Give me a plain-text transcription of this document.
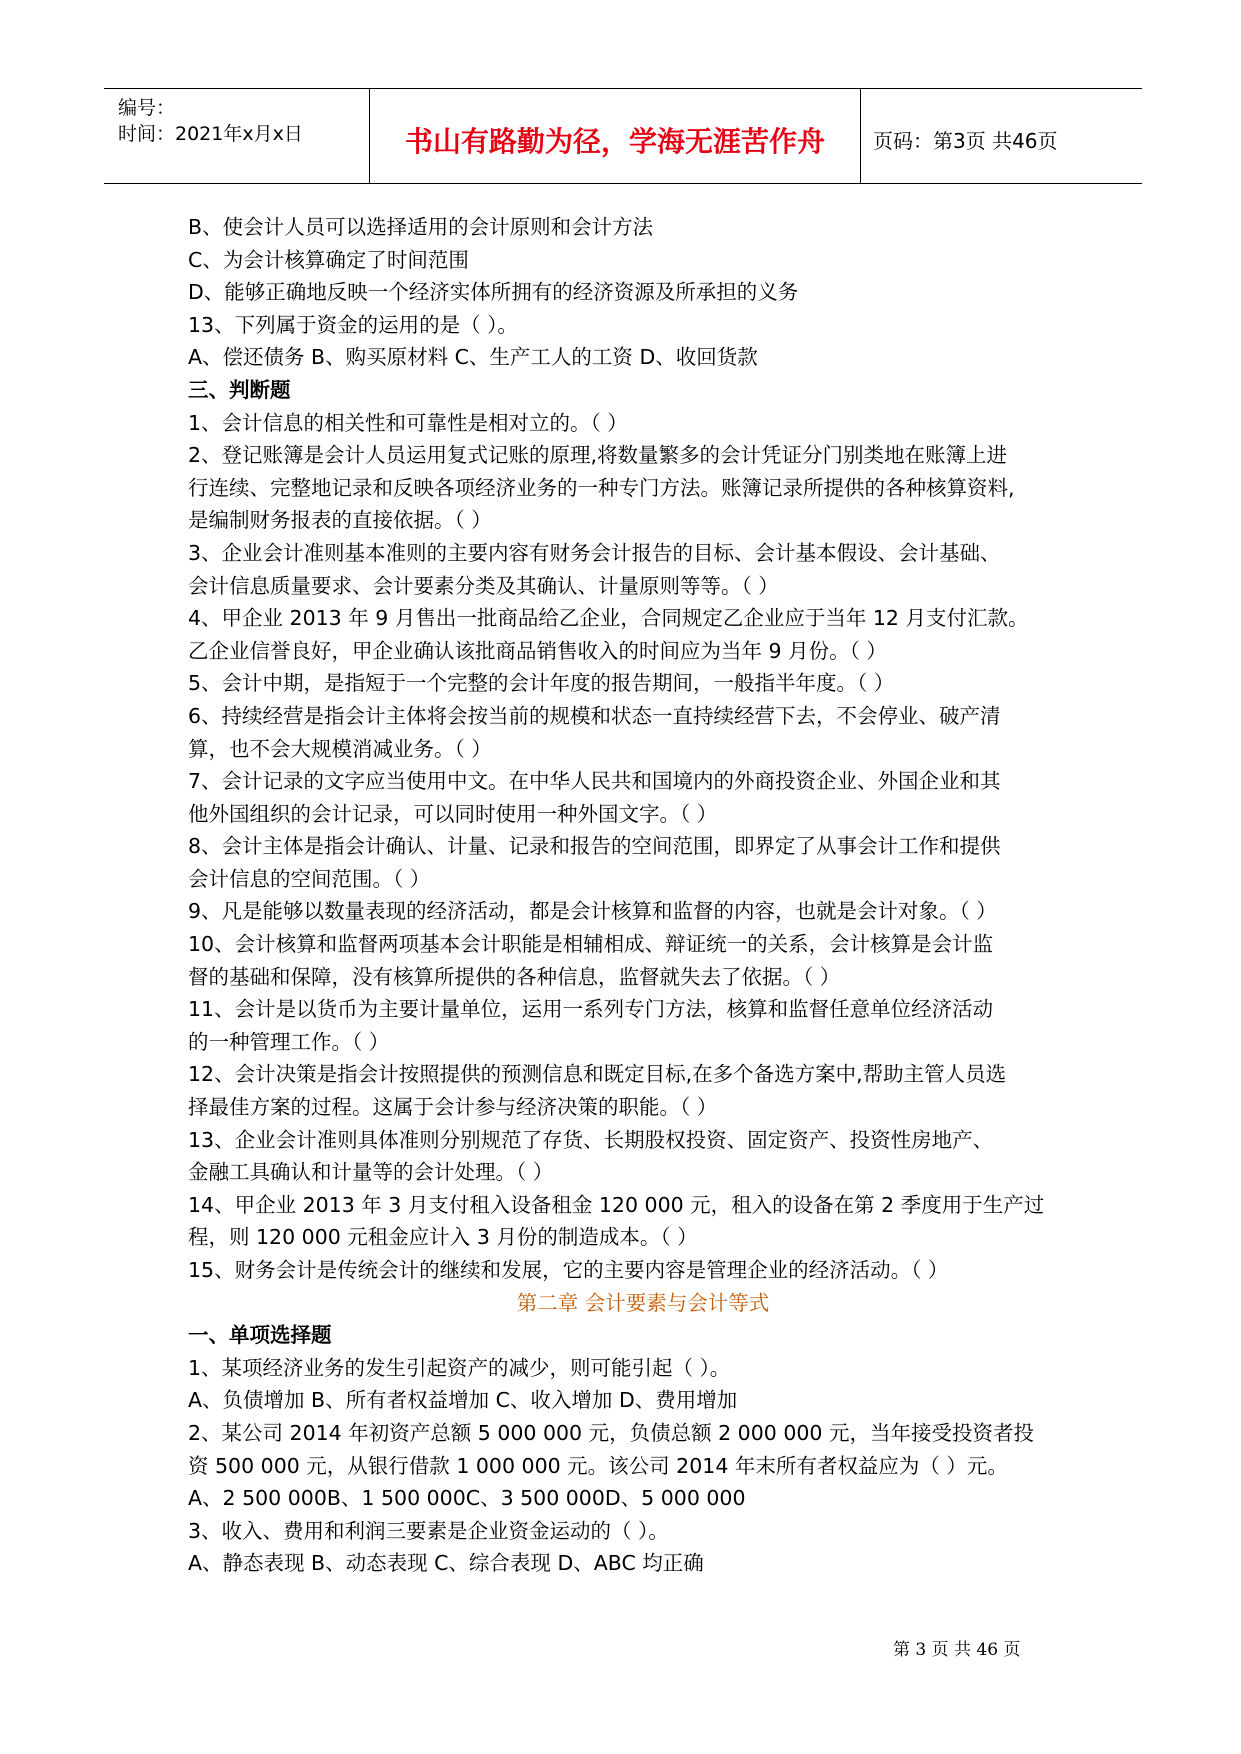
编号：
时间：2021年x月x日	书山有路勤为径，学海无涯苦作舟	页码：第3页 共46页
B、使会计人员可以选择适用的会计原则和会计方法
C、为会计核算确定了时间范围
D、能够正确地反映一个经济实体所拥有的经济资源及所承担的义务
13、下列属于资金的运用的是（ ）。
A、偿还债务 B、购买原材料 C、生产工人的工资 D、收回货款
三、判断题
1、会计信息的相关性和可靠性是相对立的。（ ）
2、登记账簿是会计人员运用复式记账的原理,将数量繁多的会计凭证分门别类地在账簿上进
行连续、完整地记录和反映各项经济业务的一种专门方法。账簿记录所提供的各种核算资料,
是编制财务报表的直接依据。（ ）
3、企业会计准则基本准则的主要内容有财务会计报告的目标、会计基本假设、会计基础、
会计信息质量要求、会计要素分类及其确认、计量原则等等。（ ）
4、甲企业 2013 年 9 月售出一批商品给乙企业，合同规定乙企业应于当年 12 月支付汇款。
乙企业信誉良好，甲企业确认该批商品销售收入的时间应为当年 9 月份。（ ）
5、会计中期，是指短于一个完整的会计年度的报告期间，一般指半年度。（ ）
6、持续经营是指会计主体将会按当前的规模和状态一直持续经营下去，不会停业、破产清
算，也不会大规模消减业务。（ ）
7、会计记录的文字应当使用中文。在中华人民共和国境内的外商投资企业、外国企业和其
他外国组织的会计记录，可以同时使用一种外国文字。（ ）
8、会计主体是指会计确认、计量、记录和报告的空间范围，即界定了从事会计工作和提供
会计信息的空间范围。（ ）
9、凡是能够以数量表现的经济活动，都是会计核算和监督的内容，也就是会计对象。（ ）
10、会计核算和监督两项基本会计职能是相辅相成、辩证统一的关系，会计核算是会计监
督的基础和保障，没有核算所提供的各种信息，监督就失去了依据。（ ）
11、会计是以货币为主要计量单位，运用一系列专门方法，核算和监督任意单位经济活动
的一种管理工作。（ ）
12、会计决策是指会计按照提供的预测信息和既定目标,在多个备选方案中,帮助主管人员选
择最佳方案的过程。这属于会计参与经济决策的职能。（ ）
13、企业会计准则具体准则分别规范了存货、长期股权投资、固定资产、投资性房地产、
金融工具确认和计量等的会计处理。（ ）
14、甲企业 2013 年 3 月支付租入设备租金 120 000 元，租入的设备在第 2 季度用于生产过
程，则 120 000 元租金应计入 3 月份的制造成本。（ ）
15、财务会计是传统会计的继续和发展，它的主要内容是管理企业的经济活动。（ ）
第二章 会计要素与会计等式
一、单项选择题
1、某项经济业务的发生引起资产的减少，则可能引起（ ）。
A、负债增加 B、所有者权益增加 C、收入增加 D、费用增加
2、某公司 2014 年初资产总额 5 000 000 元，负债总额 2 000 000 元，当年接受投资者投
资 500 000 元，从银行借款 1 000 000 元。该公司 2014 年末所有者权益应为（ ）元。
A、2 500 000B、1 500 000C、3 500 000D、5 000 000
3、收入、费用和利润三要素是企业资金运动的（ ）。
A、静态表现 B、动态表现 C、综合表现 D、ABC 均正确
第 3 页 共 46 页
